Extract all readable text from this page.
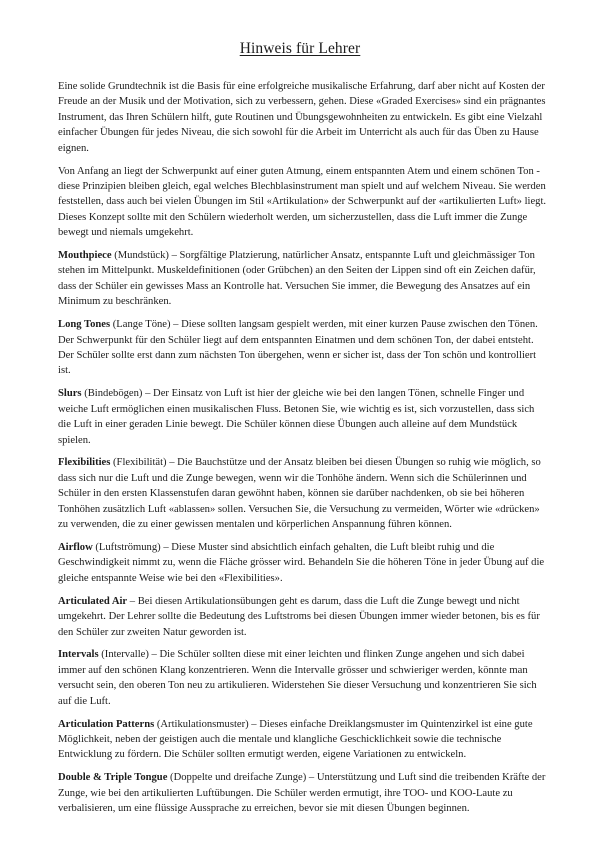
Hinweis für Lehrer

Eine solide Grundtechnik ist die Basis für eine erfolgreiche musikalische Erfahrung, darf aber nicht auf Kosten der Freude an der Musik und der Motivation, sich zu verbessern, gehen. Diese «Graded Exercises» sind ein prägnantes Instrument, das Ihren Schülern hilft, gute Routinen und Übungsgewohnheiten zu entwickeln. Es gibt eine Vielzahl einfacher Übungen für jedes Niveau, die sich sowohl für die Arbeit im Unterricht als auch für das Üben zu Hause eignen.

Von Anfang an liegt der Schwerpunkt auf einer guten Atmung, einem entspannten Atem und einem schönen Ton - diese Prinzipien bleiben gleich, egal welches Blechblasinstrument man spielt und auf welchem Niveau. Sie werden feststellen, dass auch bei vielen Übungen im Stil «Artikulation» der Schwerpunkt auf der «artikulierten Luft» liegt. Dieses Konzept sollte mit den Schülern wiederholt werden, um sicherzustellen, dass die Luft immer die Zunge bewegt und niemals umgekehrt.

Mouthpiece (Mundstück) – Sorgfältige Platzierung, natürlicher Ansatz, entspannte Luft und gleichmässiger Ton stehen im Mittelpunkt. Muskeldefinitionen (oder Grübchen) an den Seiten der Lippen sind oft ein Zeichen dafür, dass der Schüler ein gewisses Mass an Kontrolle hat. Versuchen Sie immer, die Bewegung des Ansatzes auf ein Minimum zu beschränken.

Long Tones (Lange Töne) – Diese sollten langsam gespielt werden, mit einer kurzen Pause zwischen den Tönen. Der Schwerpunkt für den Schüler liegt auf dem entspannten Einatmen und dem schönen Ton, der dabei entsteht. Der Schüler sollte erst dann zum nächsten Ton übergehen, wenn er sicher ist, dass der Ton schön und kontrolliert ist.

Slurs (Bindebögen) – Der Einsatz von Luft ist hier der gleiche wie bei den langen Tönen, schnelle Finger und weiche Luft ermöglichen einen musikalischen Fluss. Betonen Sie, wie wichtig es ist, sich vorzustellen, dass sich die Luft in einer geraden Linie bewegt. Die Schüler können diese Übungen auch alleine auf dem Mundstück spielen.

Flexibilities (Flexibilität) – Die Bauchstütze und der Ansatz bleiben bei diesen Übungen so ruhig wie möglich, so dass sich nur die Luft und die Zunge bewegen, wenn wir die Tonhöhe ändern. Wenn sich die Schülerinnen und Schüler in den ersten Klassenstufen daran gewöhnt haben, können sie darüber nachdenken, ob sie bei höheren Tonhöhen zusätzlich Luft «ablassen» sollen. Versuchen Sie, die Versuchung zu vermeiden, Wörter wie «drücken» zu verwenden, die zu einer gewissen mentalen und körperlichen Anspannung führen können.

Airflow (Luftströmung) – Diese Muster sind absichtlich einfach gehalten, die Luft bleibt ruhig und die Geschwindigkeit nimmt zu, wenn die Fläche grösser wird. Behandeln Sie die höheren Töne in jeder Übung auf die gleiche entspannte Weise wie bei den «Flexibilities».

Articulated Air – Bei diesen Artikulationsübungen geht es darum, dass die Luft die Zunge bewegt und nicht umgekehrt. Der Lehrer sollte die Bedeutung des Luftstroms bei diesen Übungen immer wieder betonen, bis es für den Schüler zur zweiten Natur geworden ist.

Intervals (Intervalle) – Die Schüler sollten diese mit einer leichten und flinken Zunge angehen und sich dabei immer auf den schönen Klang konzentrieren. Wenn die Intervalle grösser und schwieriger werden, könnte man versucht sein, den oberen Ton neu zu artikulieren. Widerstehen Sie dieser Versuchung und konzentrieren Sie sich auf die Luft.

Articulation Patterns (Artikulationsmuster) – Dieses einfache Dreiklangsmuster im Quintenzirkel ist eine gute Möglichkeit, neben der geistigen auch die mentale und klangliche Geschicklichkeit sowie die technische Entwicklung zu fördern. Die Schüler sollten ermutigt werden, eigene Variationen zu entwickeln.

Double & Triple Tongue (Doppelte und dreifache Zunge) – Unterstützung und Luft sind die treibenden Kräfte der Zunge, wie bei den artikulierten Luftübungen. Die Schüler werden ermutigt, ihre TOO- und KOO-Laute zu verbalisieren, um eine flüssige Aussprache zu erreichen, bevor sie mit diesen Übungen beginnen.
